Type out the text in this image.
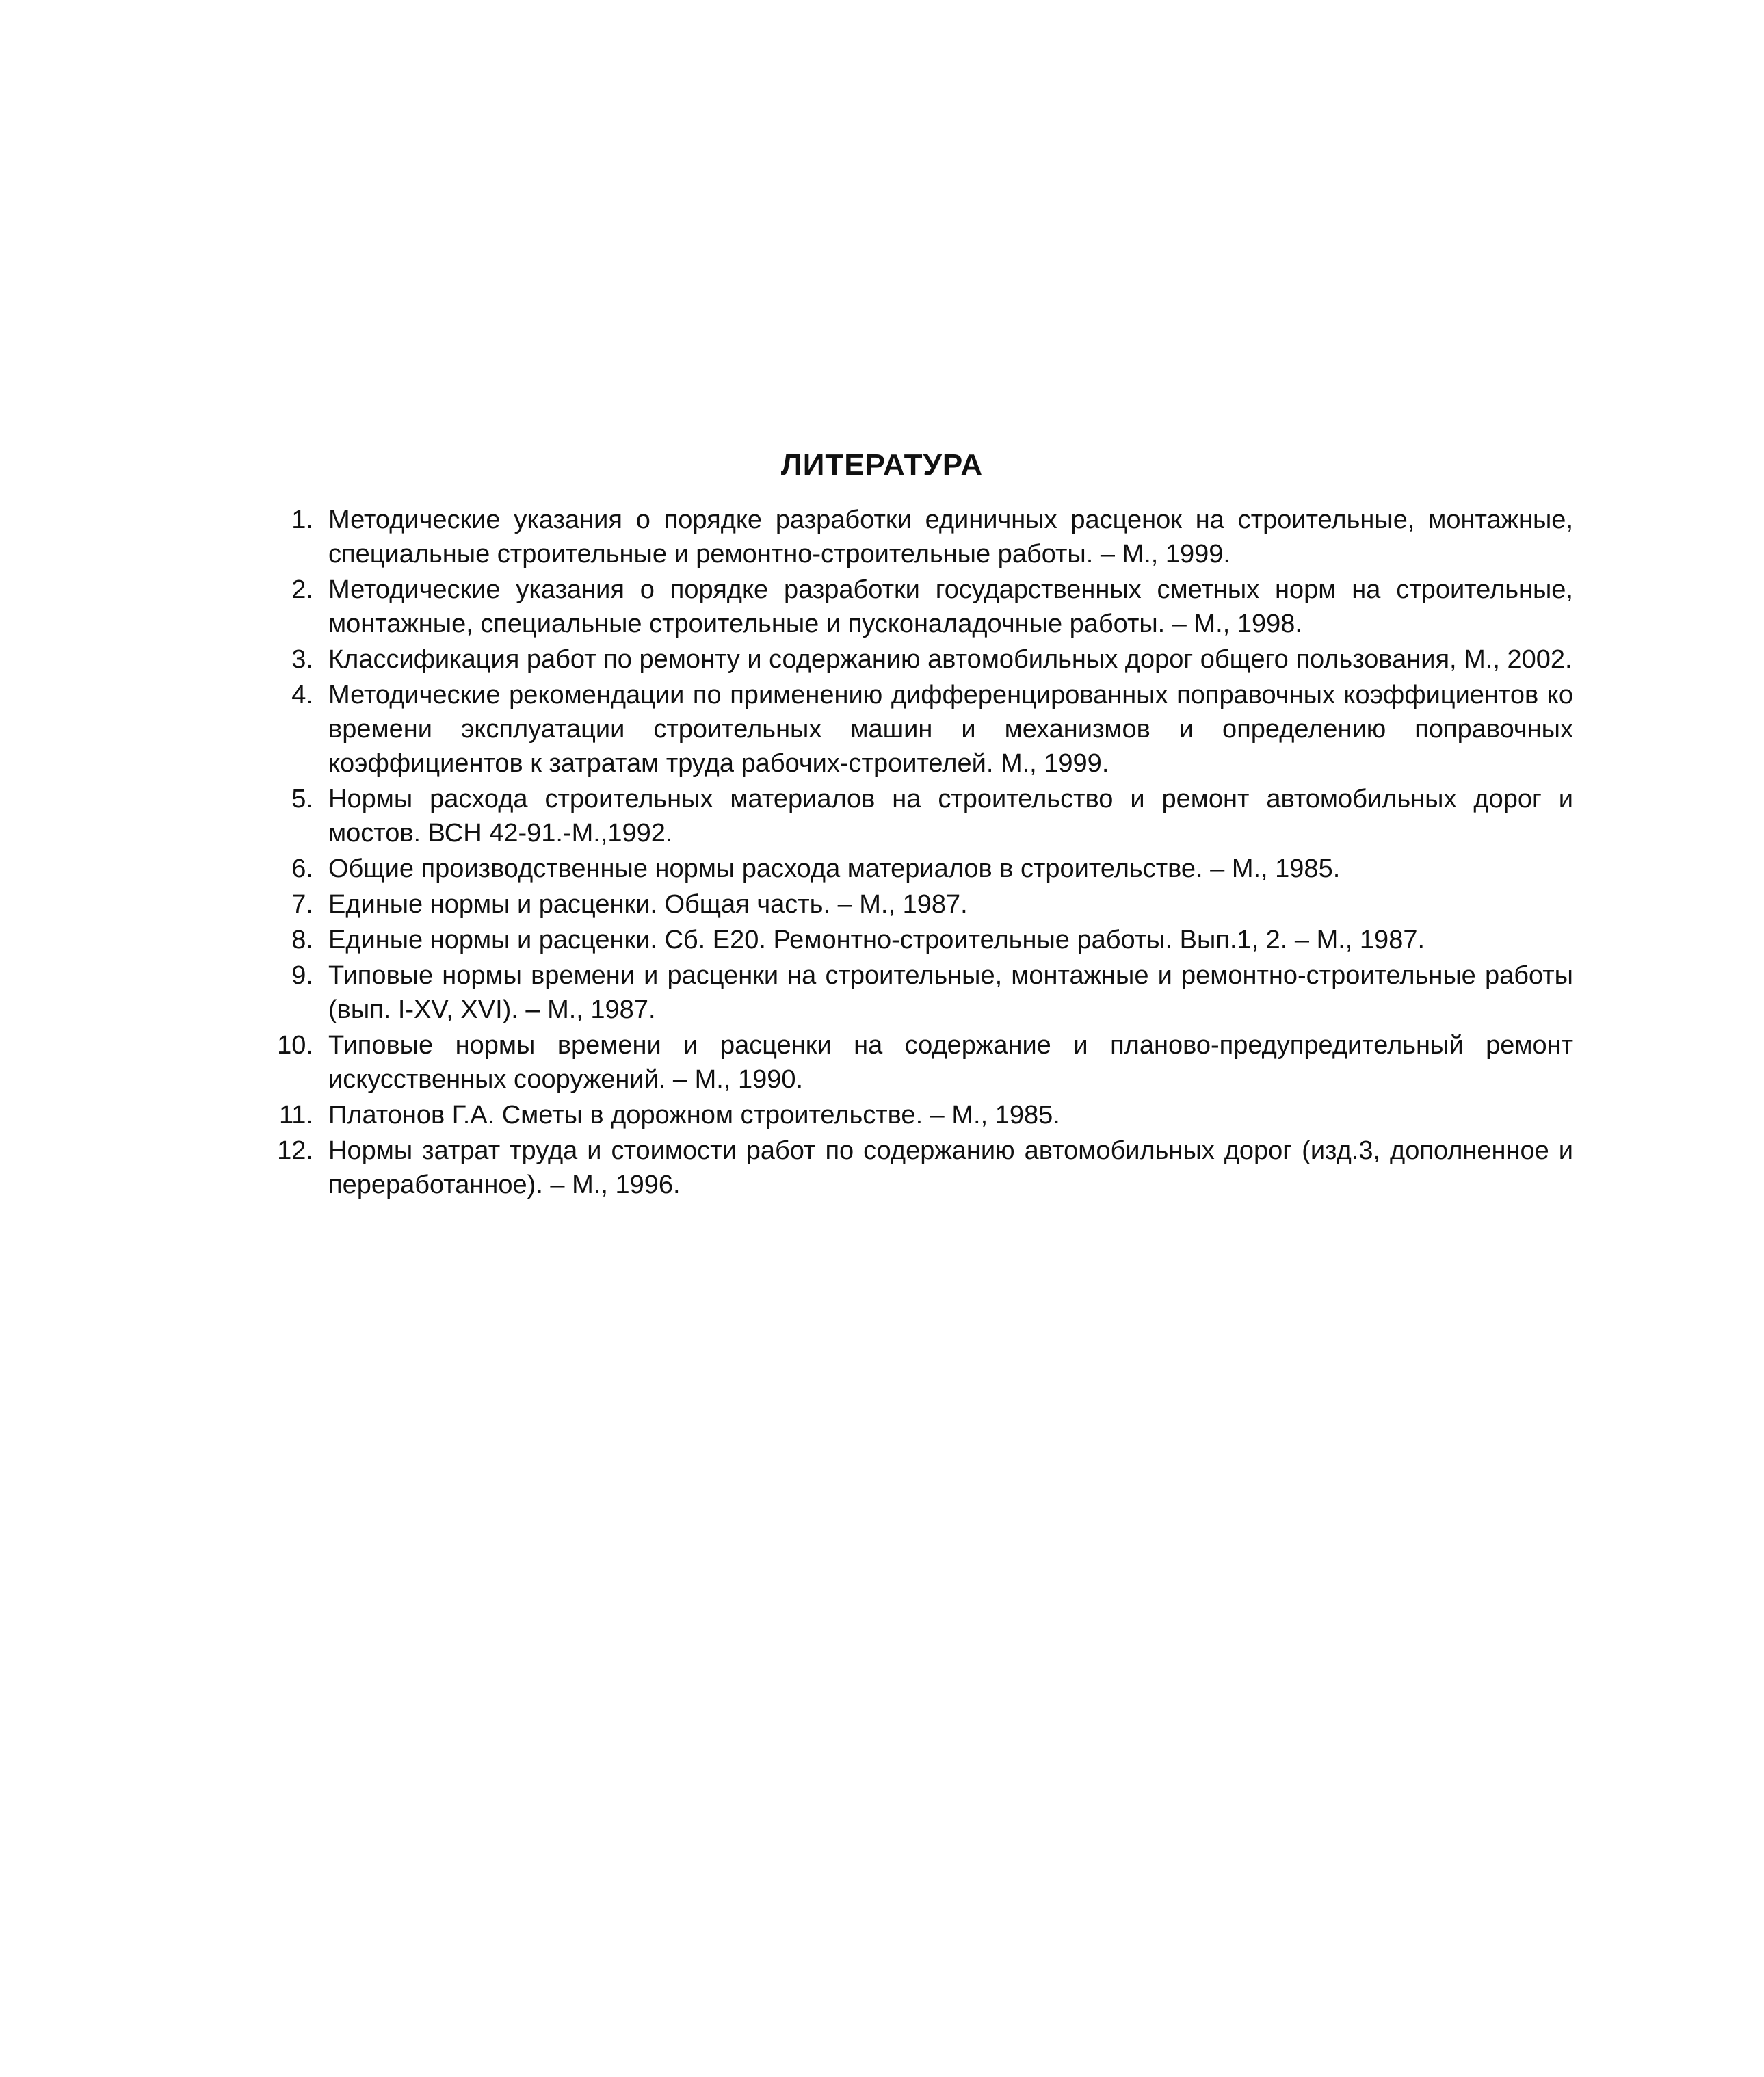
ЛИТЕРАТУРА
1. Методические указания о порядке разработки единичных расценок на строительные, монтажные, специальные строительные и ремонтно-строительные работы. – М., 1999.
2. Методические указания о порядке разработки государственных сметных норм на строительные, монтажные, специальные строительные и пусконаладочные работы. – М., 1998.
3. Классификация работ по ремонту и содержанию автомобильных дорог общего пользования, М., 2002.
4. Методические рекомендации по применению дифференцированных поправочных коэффициентов ко времени эксплуатации строительных машин и механизмов и определению поправочных коэффициентов к затратам труда рабочих-строителей. М., 1999.
5. Нормы расхода строительных материалов на строительство и ремонт автомобильных дорог и мостов. ВСН 42-91.-М.,1992.
6. Общие производственные нормы расхода материалов в строительстве. – М., 1985.
7. Единые нормы и расценки. Общая часть. – М., 1987.
8. Единые нормы и расценки. Сб. Е20. Ремонтно-строительные работы. Вып.1, 2. – М., 1987.
9. Типовые нормы времени и расценки на строительные, монтажные и ремонтно-строительные работы (вып. I-XV, XVI). – М., 1987.
10. Типовые нормы времени и расценки на содержание и планово-предупредительный ремонт искусственных сооружений. – М., 1990.
11. Платонов Г.А. Сметы в дорожном строительстве. – М., 1985.
12. Нормы затрат труда и стоимости работ по содержанию автомобильных дорог (изд.3, дополненное и переработанное). – М., 1996.
